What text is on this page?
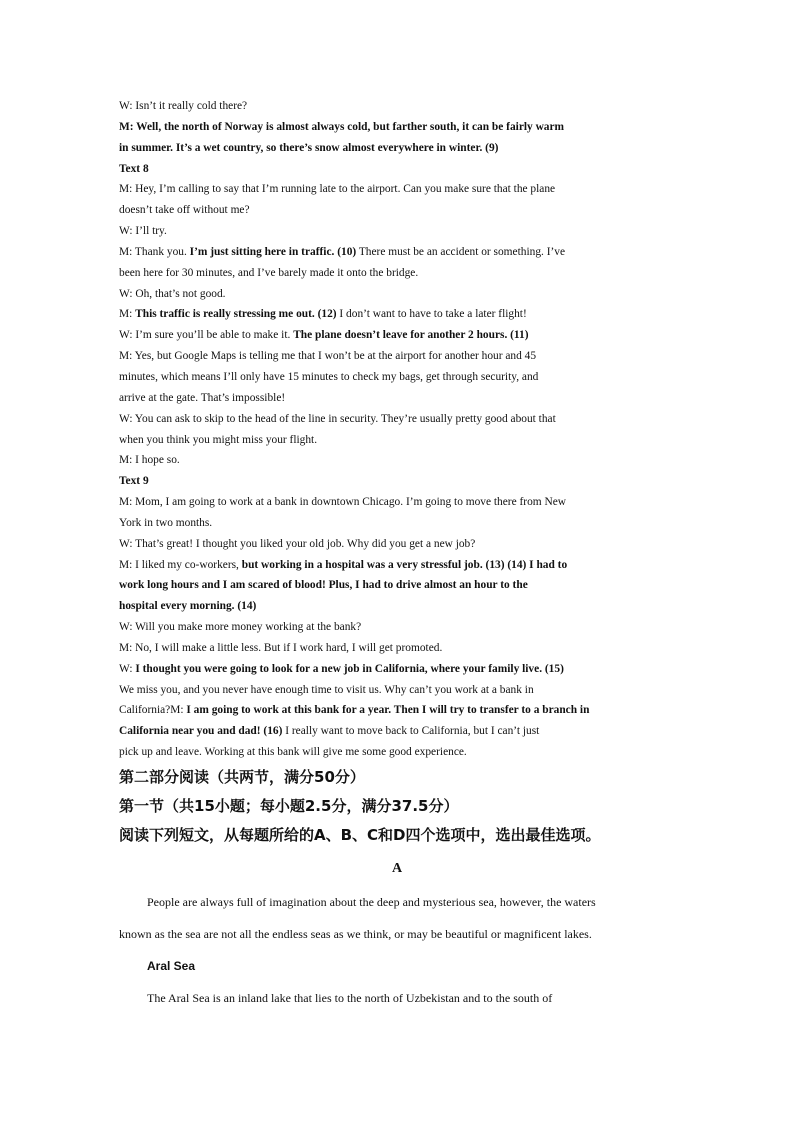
W: Isn’t it really cold there?
M: Well, the north of Norway is almost always cold, but farther south, it can be fairly warm
in summer. It’s a wet country, so there’s snow almost everywhere in winter. (9)
Text 8
M: Hey, I’m calling to say that I’m running late to the airport. Can you make sure that the plane
doesn’t take off without me?
W: I’ll try.
M: Thank you. I’m just sitting here in traffic. (10) There must be an accident or something. I’ve
been here for 30 minutes, and I’ve barely made it onto the bridge.
W: Oh, that’s not good.
M: This traffic is really stressing me out. (12) I don’t want to have to take a later flight!
W: I’m sure you’ll be able to make it. The plane doesn’t leave for another 2 hours. (11)
M: Yes, but Google Maps is telling me that I won’t be at the airport for another hour and 45
minutes, which means I’ll only have 15 minutes to check my bags, get through security, and
arrive at the gate. That’s impossible!
W: You can ask to skip to the head of the line in security. They’re usually pretty good about that
when you think you might miss your flight.
M: I hope so.
Text 9
M: Mom, I am going to work at a bank in downtown Chicago. I’m going to move there from New
York in two months.
W: That’s great! I thought you liked your old job. Why did you get a new job?
M: I liked my co-workers, but working in a hospital was a very stressful job. (13) (14) I had to
work long hours and I am scared of blood! Plus, I had to drive almost an hour to the
hospital every morning. (14)
W: Will you make more money working at the bank?
M: No, I will make a little less. But if I work hard, I will get promoted.
W: I thought you were going to look for a new job in California, where your family live. (15)
We miss you, and you never have enough time to visit us. Why can’t you work at a bank in
California?M: I am going to work at this bank for a year. Then I will try to transfer to a branch in
California near you and dad! (16) I really want to move back to California, but I can’t just
pick up and leave. Working at this bank will give me some good experience.
第二部分阅读（共两节，满分50分）
第一节（共15小题；每小题2.5分，满分37.5分）
阅读下列短文，从每题所给的A、B、C和D四个选项中，选出最佳选项。
A
People are always full of imagination about the deep and mysterious sea, however, the waters
known as the sea are not all the endless seas as we think, or may be beautiful or magnificent lakes.
Aral Sea
The Aral Sea is an inland lake that lies to the north of Uzbekistan and to the south of
